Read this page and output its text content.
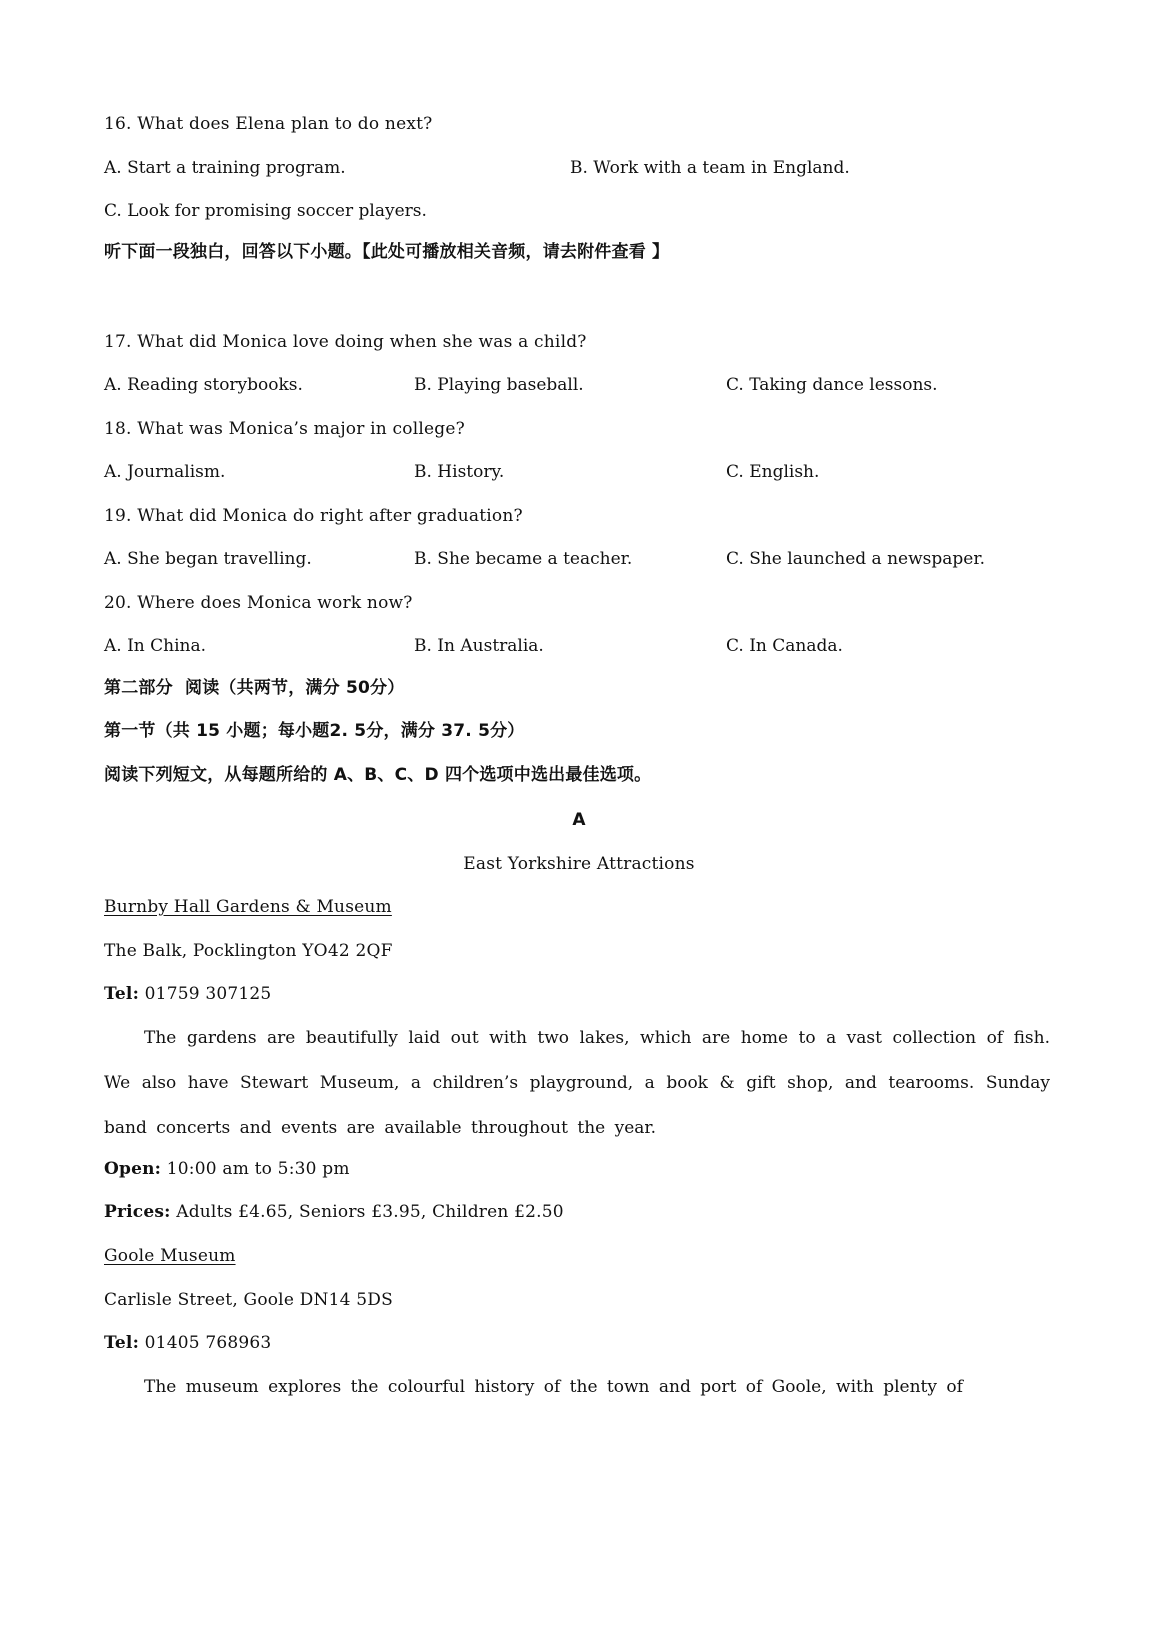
16. What does Elena plan to do next?
A. Start a training program.	B. Work with a team in England.
C. Look for promising soccer players.
听下面一段独白，回答以下小题。【此处可播放相关音频，请去附件查看 】
17. What did Monica love doing when she was a child?
A. Reading storybooks.	B. Playing baseball.	C. Taking dance lessons.
18. What was Monica’s major in college?
A. Journalism.	B. History.	C. English.
19. What did Monica do right after graduation?
A. She began travelling.	B. She became a teacher.	C. She launched a newspaper.
20. Where does Monica work now?
A. In China.	B. In Australia.	C. In Canada.
第二部分  阅读（共两节，满分 50分）
第一节（共 15 小题；每小题2. 5分，满分 37. 5分）
阅读下列短文，从每题所给的 A、B、C、D 四个选项中选出最佳选项。
A
East Yorkshire Attractions
Burnby Hall Gardens & Museum
The Balk, Pocklington YO42 2QF
Tel: 01759 307125
The gardens are beautifully laid out with two lakes, which are home to a vast collection of fish. We also have Stewart Museum, a children’s playground, a book & gift shop, and tearooms. Sunday band concerts and events are available throughout the year.
Open: 10:00 am to 5:30 pm
Prices: Adults £4.65, Seniors £3.95, Children £2.50
Goole Museum
Carlisle Street, Goole DN14 5DS
Tel: 01405 768963
The museum explores the colourful history of the town and port of Goole, with plenty of
